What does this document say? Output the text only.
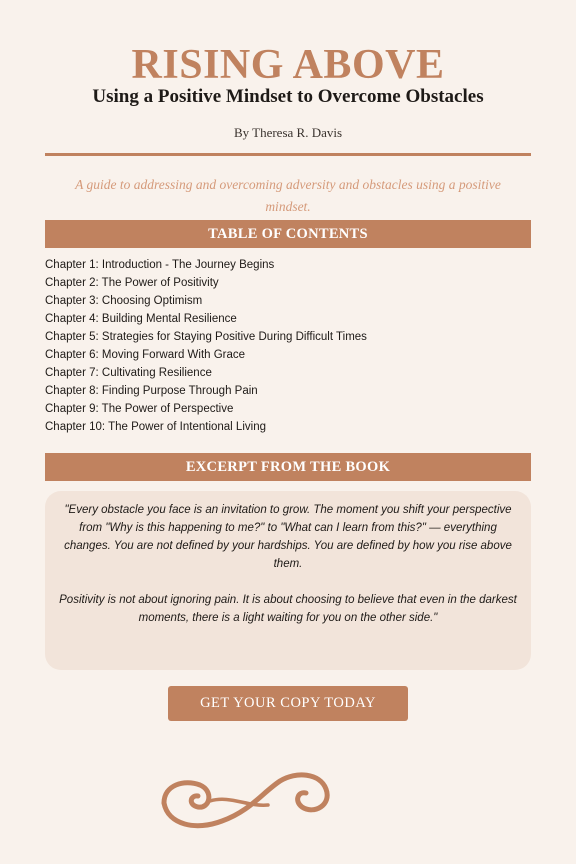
RISING ABOVE
Using a Positive Mindset to Overcome Obstacles
By Theresa R. Davis
A guide to addressing and overcoming adversity and obstacles using a positive mindset.
TABLE OF CONTENTS
Chapter 1: Introduction - The Journey Begins
Chapter 2: The Power of Positivity
Chapter 3: Choosing Optimism
Chapter 4: Building Mental Resilience
Chapter 5: Strategies for Staying Positive During Difficult Times
Chapter 6: Moving Forward With Grace
Chapter 7: Cultivating Resilience
Chapter 8: Finding Purpose Through Pain
Chapter 9: The Power of Perspective
Chapter 10: The Power of Intentional Living
EXCERPT FROM THE BOOK

"Every obstacle you face is an invitation to grow. The moment you shift your perspective from "Why is this happening to me?" to "What can I learn from this?" — everything changes. You are not defined by your hardships. You are defined by how you rise above them.

Positivity is not about ignoring pain. It is about choosing to believe that even in the darkest moments, there is a light waiting for you on the other side."

GET YOUR COPY TODAY
